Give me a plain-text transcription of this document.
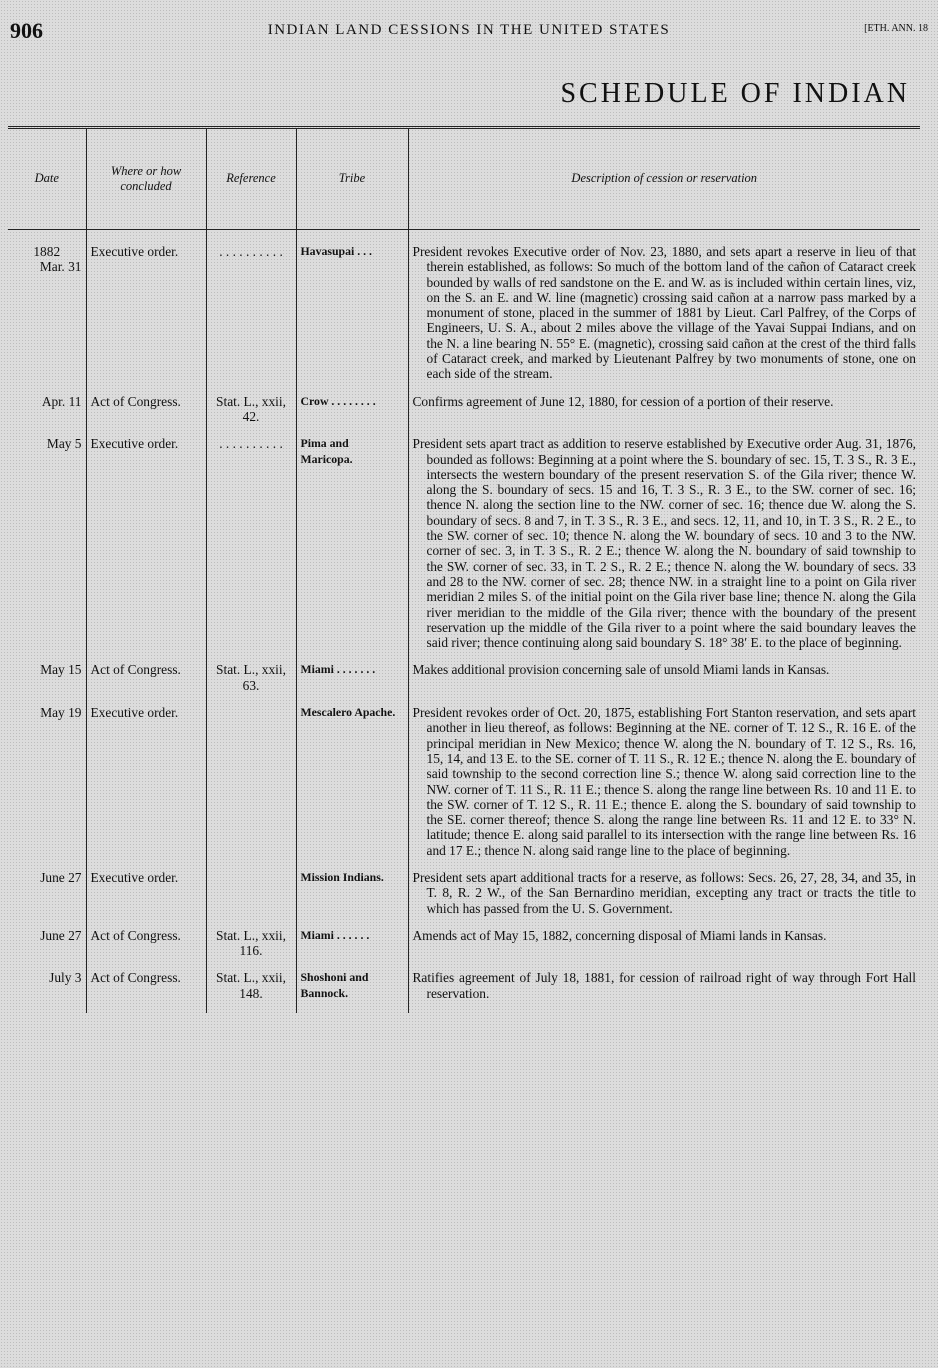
906	INDIAN LAND CESSIONS IN THE UNITED STATES	[ETH. ANN. 18
SCHEDULE OF INDIAN
Date	Where or how concluded	Reference	Tribe	Description of cession or reservation

1882
Mar. 31	Executive order.	. . . . . . . . . .	Havasupai . . .	President revokes Executive order of Nov. 23, 1880, and sets apart a reserve in lieu of that therein established, as follows: So much of the bottom land of the cañon of Cataract creek bounded by walls of red sandstone on the E. and W. as is included within certain lines, viz, on the S. an E. and W. line (magnetic) crossing said cañon at a narrow pass marked by a monument of stone, placed in the summer of 1881 by Lieut. Carl Palfrey, of the Corps of Engineers, U. S. A., about 2 miles above the village of the Yavai Suppai Indians, and on the N. a line bearing N. 55° E. (magnetic), crossing said cañon at the crest of the third falls of Cataract creek, and marked by Lieutenant Palfrey by two monuments of stone, one on each side of the stream.
Apr. 11	Act of Congress.	Stat. L., xxii, 42.	Crow . . . . . . . .	Confirms agreement of June 12, 1880, for cession of a portion of their reserve.
May 5	Executive order.	. . . . . . . . . .	Pima and Maricopa.	President sets apart tract as addition to reserve established by Executive order Aug. 31, 1876, bounded as follows: Beginning at a point where the S. boundary of sec. 15, T. 3 S., R. 3 E., intersects the western boundary of the present reservation S. of the Gila river; thence W. along the S. boundary of secs. 15 and 16, T. 3 S., R. 3 E., to the SW. corner of sec. 16; thence N. along the section line to the NW. corner of sec. 16; thence due W. along the S. boundary of secs. 8 and 7, in T. 3 S., R. 3 E., and secs. 12, 11, and 10, in T. 3 S., R. 2 E., to the SW. corner of sec. 10; thence N. along the W. boundary of secs. 10 and 3 to the NW. corner of sec. 3, in T. 3 S., R. 2 E.; thence W. along the N. boundary of said township to the SW. corner of sec. 33, in T. 2 S., R. 2 E.; thence N. along the W. boundary of secs. 33 and 28 to the NW. corner of sec. 28; thence NW. in a straight line to a point on Gila river meridian 2 miles S. of the initial point on the Gila river base line; thence N. along the Gila river meridian to the middle of the Gila river; thence with the boundary of the present reservation up the middle of the Gila river to a point where the said boundary leaves the said river; thence continuing along said boundary S. 18° 38′ E. to the place of beginning.
May 15	Act of Congress.	Stat. L., xxii, 63.	Miami . . . . . . .	Makes additional provision concerning sale of unsold Miami lands in Kansas.
May 19	Executive order.		Mescalero Apache.	President revokes order of Oct. 20, 1875, establishing Fort Stanton reservation, and sets apart another in lieu thereof, as follows: Beginning at the NE. corner of T. 12 S., R. 16 E. of the principal meridian in New Mexico; thence W. along the N. boundary of T. 12 S., Rs. 16, 15, 14, and 13 E. to the SE. corner of T. 11 S., R. 12 E.; thence N. along the E. boundary of said township to the second correction line S.; thence W. along said correction line to the NW. corner of T. 11 S., R. 11 E.; thence S. along the range line between Rs. 10 and 11 E. to the SW. corner of T. 12 S., R. 11 E.; thence E. along the S. boundary of said township to the SE. corner thereof; thence S. along the range line between Rs. 11 and 12 E. to 33° N. latitude; thence E. along said parallel to its intersection with the range line between Rs. 16 and 17 E.; thence N. along said range line to the place of beginning.
June 27	Executive order.		Mission Indians.	President sets apart additional tracts for a reserve, as follows: Secs. 26, 27, 28, 34, and 35, in T. 8, R. 2 W., of the San Bernardino meridian, excepting any tract or tracts the title to which has passed from the U. S. Government.
June 27	Act of Congress.	Stat. L., xxii, 116.	Miami . . . . . .	Amends act of May 15, 1882, concerning disposal of Miami lands in Kansas.
July 3	Act of Congress.	Stat. L., xxii, 148.	Shoshoni and Bannock.	Ratifies agreement of July 18, 1881, for cession of railroad right of way through Fort Hall reservation.
